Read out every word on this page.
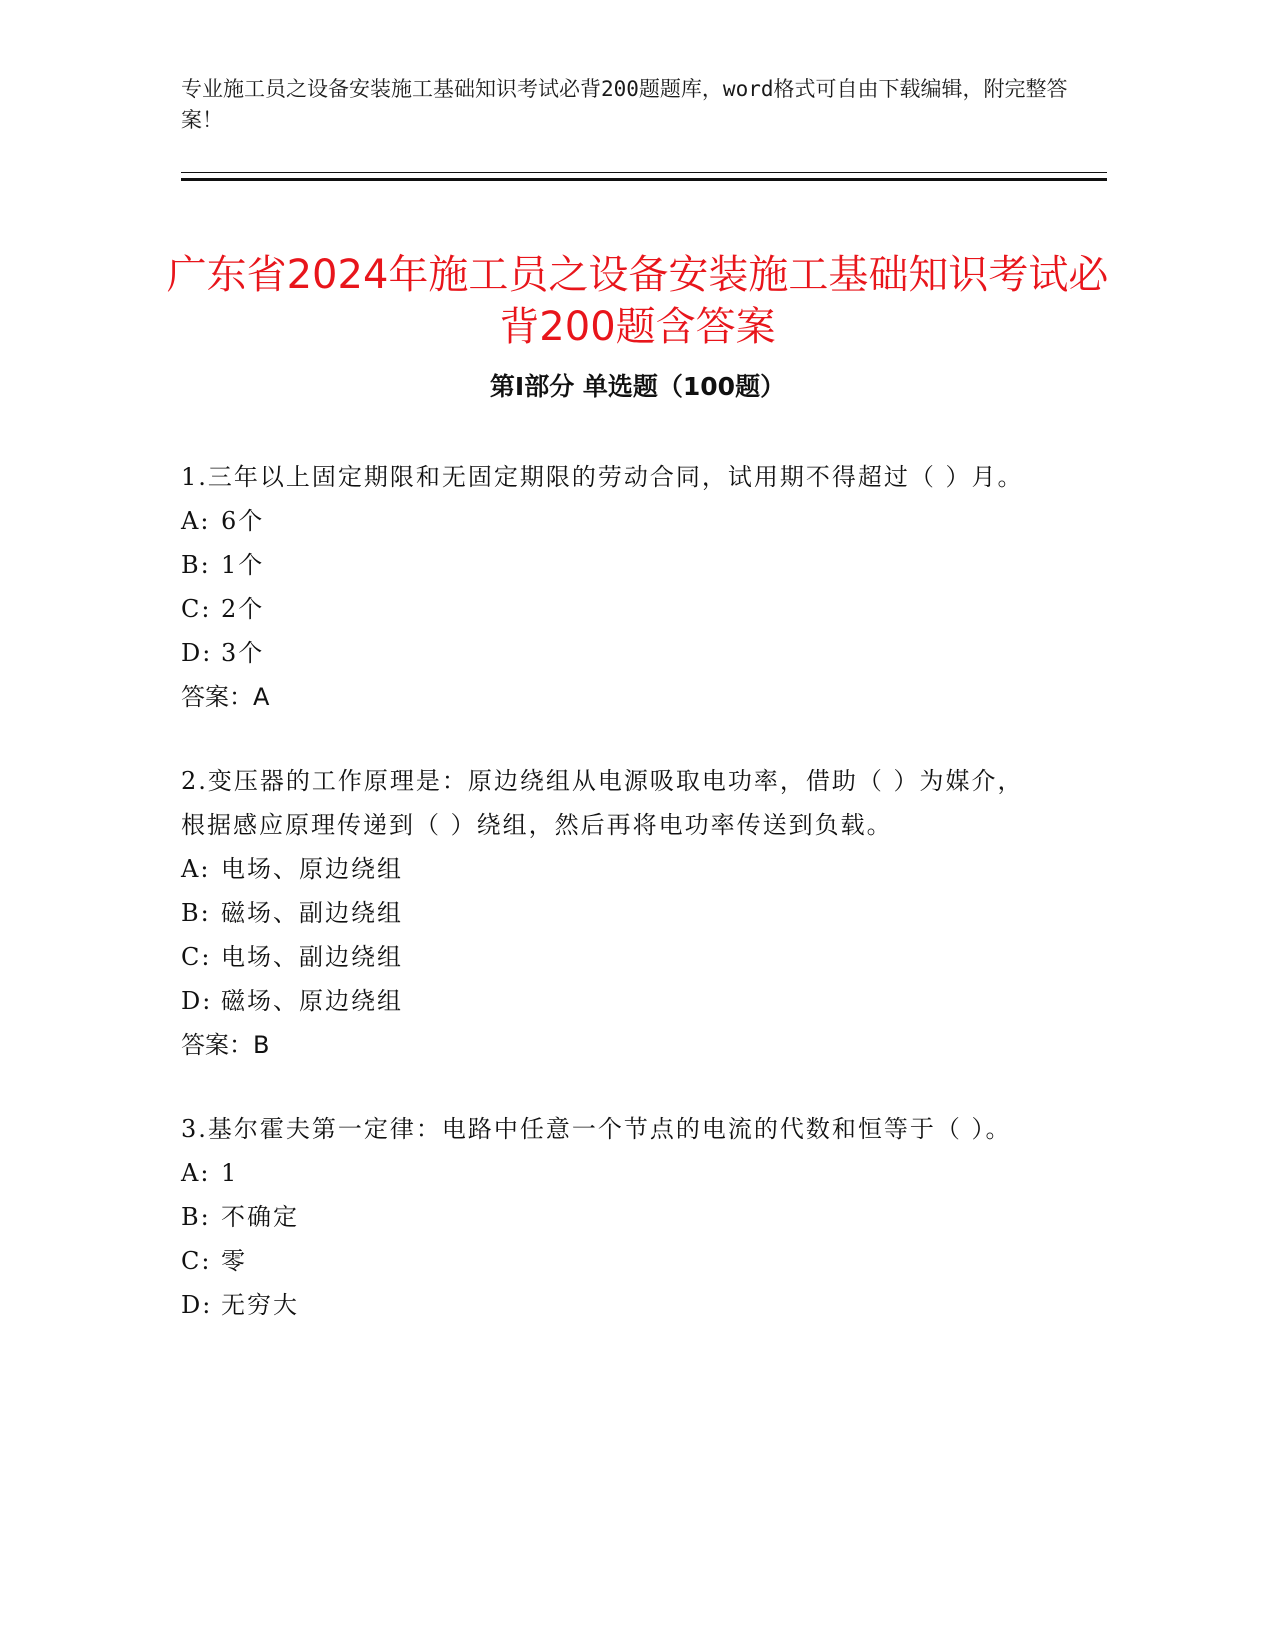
专业施工员之设备安装施工基础知识考试必背200题题库，word格式可自由下载编辑，附完整答案！
广东省2024年施工员之设备安装施工基础知识考试必背200题含答案
第Ⅰ部分 单选题（100题）
1.三年以上固定期限和无固定期限的劳动合同，试用期不得超过（ ）月。
A: 6个
B: 1个
C: 2个
D: 3个
答案：A
2.变压器的工作原理是：原边绕组从电源吸取电功率，借助（ ）为媒介，根据感应原理传递到（ ）绕组，然后再将电功率传送到负载。
A: 电场、原边绕组
B: 磁场、副边绕组
C: 电场、副边绕组
D: 磁场、原边绕组
答案：B
3.基尔霍夫第一定律：电路中任意一个节点的电流的代数和恒等于（ ）。
A: 1
B: 不确定
C: 零
D: 无穷大
